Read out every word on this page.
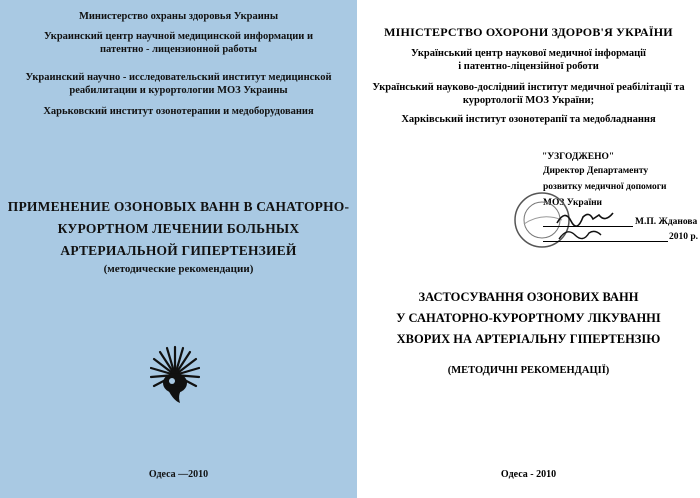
Министерство охраны здоровья Украины
Украинский центр научной медицинской информации и
патентно - лицензионной работы
Украинский научно - исследовательский институт медицинской
реабилитации и курортологии МОЗ Украины
Харьковский институт озонотерапии и медоборудования
ПРИМЕНЕНИЕ ОЗОНОВЫХ ВАНН В САНАТОРНО-
КУРОРТНОМ ЛЕЧЕНИИ БОЛЬНЫХ
АРТЕРИАЛЬНОЙ ГИПЕРТЕНЗИЕЙ
(методические рекомендации)
Одеса —2010
МІНІСТЕРСТВО ОХОРОНИ ЗДОРОВ'Я УКРАЇНИ
Український центр наукової медичної інформації
і патентно-ліцензійної роботи
Український науково-дослідний інститут медичної реабілітації та
курортології МОЗ України;
Харківський інститут озонотерапії та медобладнання
"УЗГОДЖЕНО"
Директор Департаменту
розвитку медичної допомоги
МОЗ України
М.П. Жданова
2010 р.
ЗАСТОСУВАННЯ ОЗОНОВИХ ВАНН
У САНАТОРНО-КУРОРТНОМУ ЛІКУВАННІ
ХВОРИХ НА АРТЕРІАЛЬНУ ГІПЕРТЕНЗІЮ
(МЕТОДИЧНІ РЕКОМЕНДАЦІЇ)
Одеса - 2010
